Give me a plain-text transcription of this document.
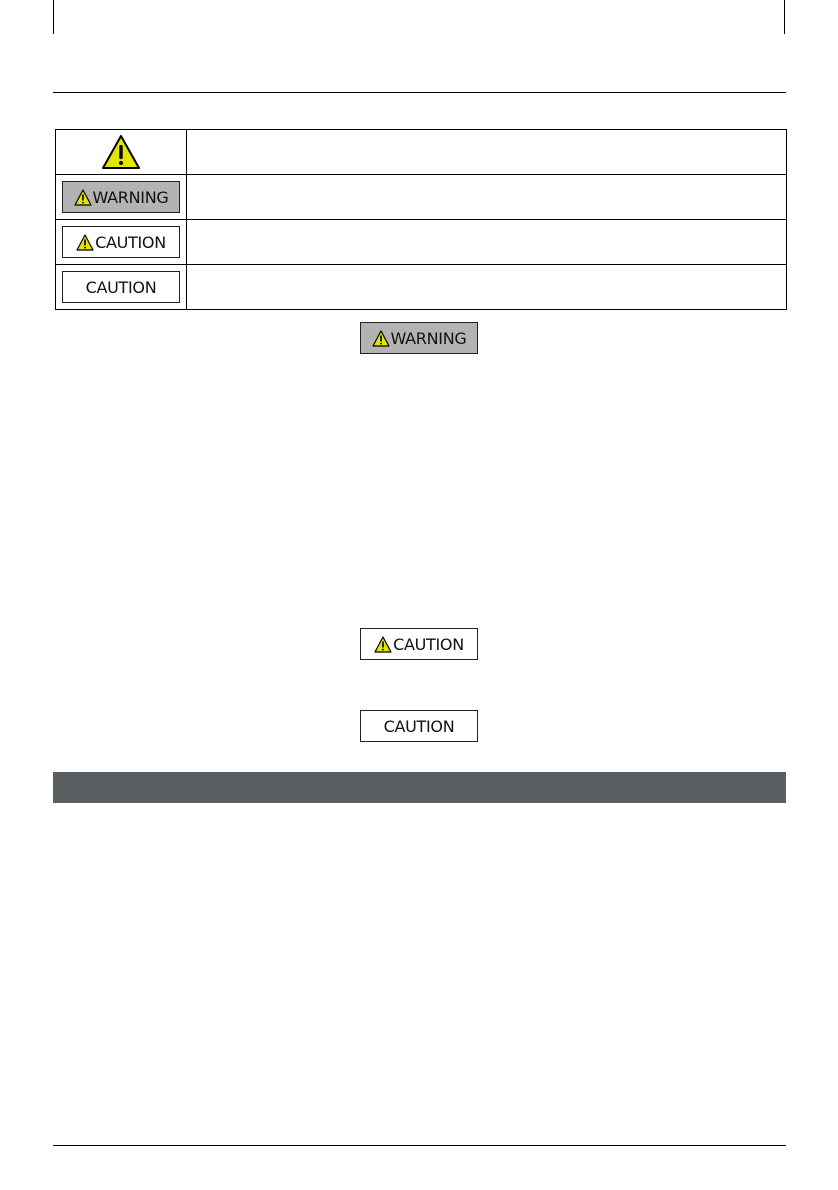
WARNING	

CAUTION	

CAUTION	

WARNING
CAUTION
CAUTION
